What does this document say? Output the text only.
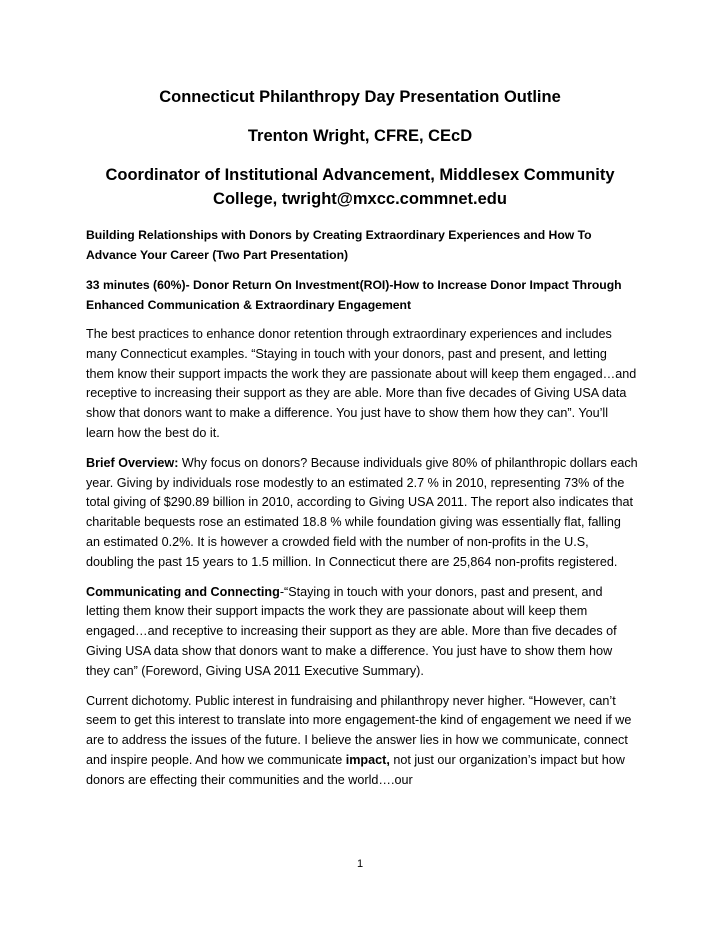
Connecticut Philanthropy Day Presentation Outline
Trenton Wright, CFRE, CEcD
Coordinator of Institutional Advancement, Middlesex Community College, twright@mxcc.commnet.edu

Building Relationships with Donors by Creating Extraordinary Experiences and How To Advance Your Career (Two Part Presentation)

33 minutes (60%)- Donor Return On Investment(ROI)-How to Increase Donor Impact Through Enhanced Communication & Extraordinary Engagement

The best practices to enhance donor retention through extraordinary experiences and includes many Connecticut examples. “Staying in touch with your donors, past and present, and letting them know their support impacts the work they are passionate about will keep them engaged…and receptive to increasing their support as they are able. More than five decades of Giving USA data show that donors want to make a difference. You just have to show them how they can”. You’ll learn how the best do it.

Brief Overview: Why focus on donors? Because individuals give 80% of philanthropic dollars each year. Giving by individuals rose modestly to an estimated 2.7 % in 2010, representing 73% of the total giving of $290.89 billion in 2010, according to Giving USA 2011. The report also indicates that charitable bequests rose an estimated 18.8 % while foundation giving was essentially flat, falling an estimated 0.2%. It is however a crowded field with the number of non-profits in the U.S, doubling the past 15 years to 1.5 million. In Connecticut there are 25,864 non-profits registered.

Communicating and Connecting-“Staying in touch with your donors, past and present, and letting them know their support impacts the work they are passionate about will keep them engaged…and receptive to increasing their support as they are able. More than five decades of Giving USA data show that donors want to make a difference. You just have to show them how they can” (Foreword, Giving USA 2011 Executive Summary).

Current dichotomy. Public interest in fundraising and philanthropy never higher. “However, can’t seem to get this interest to translate into more engagement-the kind of engagement we need if we are to address the issues of the future. I believe the answer lies in how we communicate, connect and inspire people. And how we communicate impact, not just our organization’s impact but how donors are effecting their communities and the world….our

1
